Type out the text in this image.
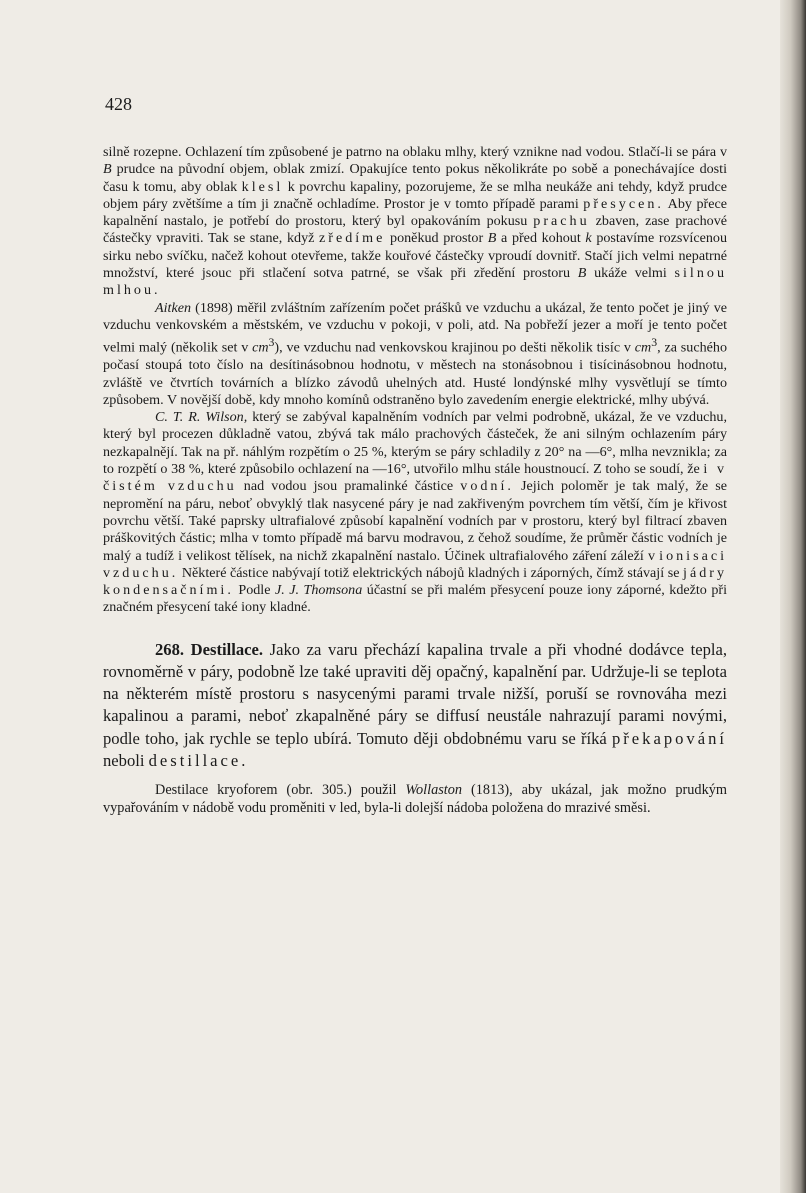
428

silně rozepne. Ochlazení tím způsobené je patrno na oblaku mlhy, který vznikne nad vodou. Stlačí-li se pára v B prudce na původní objem, oblak zmizí. Opakujíce tento pokus několikráte po sobě a ponechávajíce dosti času k tomu, aby oblak klesl k povrchu kapaliny, pozorujeme, že se mlha neukáže ani tehdy, když prudce objem páry zvětšíme a tím ji značně ochladíme. Prostor je v tomto případě parami přesycen. Aby přece kapalnění nastalo, je potřebí do prostoru, který byl opakováním pokusu prachu zbaven, zase prachové částečky vpraviti. Tak se stane, když zředíme poněkud prostor B a před kohout k postavíme rozsvícenou sirku nebo svíčku, načež kohout otevřeme, takže kouřové částečky vproudí dovnitř. Stačí jich velmi nepatrné množství, které jsouc při stlačení sotva patrné, se však při zředění prostoru B ukáže velmi silnou mlhou.

Aitken (1898) měřil zvláštním zařízením počet prášků ve vzduchu a ukázal, že tento počet je jiný ve vzduchu venkovském a městském, ve vzduchu v pokoji, v poli, atd. Na pobřeží jezer a moří je tento počet velmi malý (několik set v $cm^3$), ve vzduchu nad venkovskou krajinou po dešti několik tisíc v $cm^3$, za suchého počasí stoupá toto číslo na desítinásobnou hodnotu, v městech na stonásobnou i tisícinásobnou hodnotu, zvláště ve čtvrtích továrních a blízko závodů uhelných atd. Husté londýnské mlhy vysvětlují se tímto způsobem. V novější době, kdy mnoho komínů odstraněno bylo zavedením energie elektrické, mlhy ubývá.

C. T. R. Wilson, který se zabýval kapalněním vodních par velmi podrobně, ukázal, že ve vzduchu, který byl procezen důkladně vatou, zbývá tak málo prachových částeček, že ani silným ochlazením páry nezkapalnějí. Tak na př. náhlým rozpětím o 25 %, kterým se páry schladily z 20° na —6°, mlha nevznikla; za to rozpětí o 38 %, které způsobilo ochlazení na —16°, utvořilo mlhu stále houstnoucí. Z toho se soudí, že i v čistém vzduchu nad vodou jsou pramalinké částice vodní. Jejich poloměr je tak malý, že se nepromění na páru, neboť obvyklý tlak nasycené páry je nad zakřiveným povrchem tím větší, čím je křivost povrchu větší. Také paprsky ultrafialové způsobí kapalnění vodních par v prostoru, který byl filtrací zbaven práškovitých částic; mlha v tomto případě má barvu modravou, z čehož soudíme, že průměr částic vodních je malý a tudíž i velikost tělísek, na nichž zkapalnění nastalo. Účinek ultrafialového záření záleží v ionisaci vzduchu. Některé částice nabývají totiž elektrických nábojů kladných i záporných, čímž stávají se jádry kondensačními. Podle J. J. Thomsona účastní se při malém přesycení pouze iony záporné, kdežto při značném přesycení také iony kladné.

268. Destillace. Jako za varu přechází kapalina trvale a při vhodné dodávce tepla, rovnoměrně v páry, podobně lze také upraviti děj opačný, kapalnění par. Udržuje-li se teplota na některém místě prostoru s nasycenými parami trvale nižší, poruší se rovnováha mezi kapalinou a parami, neboť zkapalněné páry se diffusí neustále nahrazují parami novými, podle toho, jak rychle se teplo ubírá. Tomuto ději obdobnému varu se říká překapování neboli destillace.

Destilace kryoforem (obr. 305.) použil Wollaston (1813), aby ukázal, jak možno prudkým vypařováním v nádobě vodu proměniti v led, byla-li dolejší nádoba položena do mrazivé směsi.
